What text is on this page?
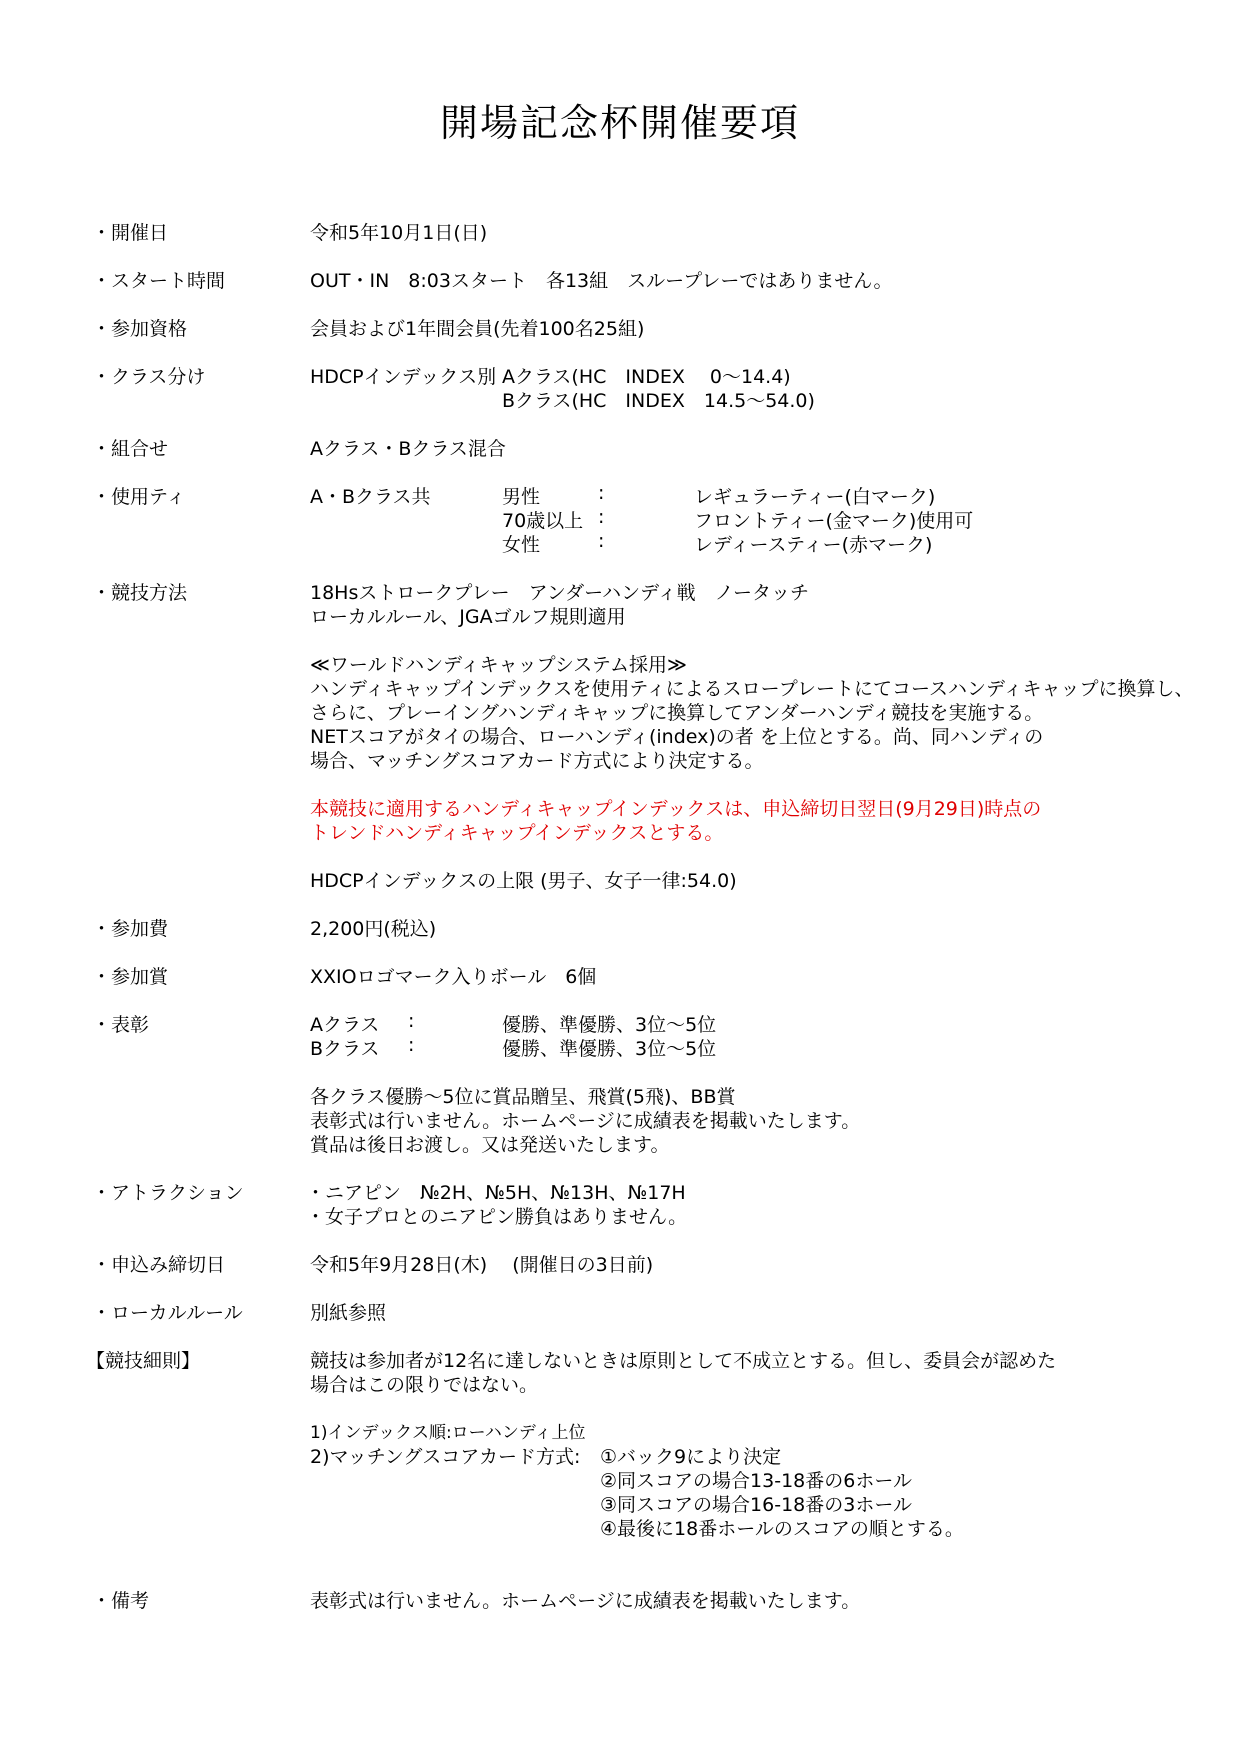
開場記念杯開催要項
・開催日	令和5年10月1日(日)
・スタート時間	OUT・IN　8:03スタート　各13組　スループレーではありません。
・参加資格	会員および1年間会員(先着100名25組)
・クラス分け	HDCPインデックス別 Aクラス(HC　INDEX　 0～14.4)
Bクラス(HC　INDEX　14.5～54.0)
・組合せ	Aクラス・Bクラス混合
・使用ティ	A・Bクラス共	男性	:	レギュラーティー(白マーク)
70歳以上 :	フロントティー(金マーク)使用可
女性	:	レディースティー(赤マーク)
・競技方法	18Hsストロークプレー　アンダーハンディ戦　ノータッチ
ローカルルール、JGAゴルフ規則適用
≪ワールドハンディキャップシステム採用≫
ハンディキャップインデックスを使用ティによるスロープレートにてコースハンディキャップに換算し、
さらに、プレーイングハンディキャップに換算してアンダーハンディ競技を実施する。
NETスコアがタイの場合、ローハンディ(index)の者 を上位とする。尚、同ハンディの
場合、マッチングスコアカード方式により決定する。
本競技に適用するハンディキャップインデックスは、申込締切日翌日(9月29日)時点の
トレンドハンディキャップインデックスとする。
HDCPインデックスの上限 (男子、女子一律:54.0)
・参加費	2,200円(税込)
・参加賞	XXIOロゴマーク入りボール　6個
・表彰	Aクラス :	優勝、準優勝、3位～5位
Bクラス :	優勝、準優勝、3位～5位
各クラス優勝～5位に賞品贈呈、飛賞(5飛)、BB賞
表彰式は行いません。ホームページに成績表を掲載いたします。
賞品は後日お渡し。又は発送いたします。
・アトラクション	・ニアピン　№2H、№5H、№13H、№17H
・女子プロとのニアピン勝負はありません。
・申込み締切日	令和5年9月28日(木)　 (開催日の3日前)
・ローカルルール	別紙参照
【競技細則】	競技は参加者が12名に達しないときは原則として不成立とする。但し、委員会が認めた
場合はこの限りではない。
1)インデックス順:ローハンディ上位
2)マッチングスコアカード方式: ①バック9により決定
②同スコアの場合13-18番の6ホール
③同スコアの場合16-18番の3ホール
④最後に18番ホールのスコアの順とする。
・備考	表彰式は行いません。ホームページに成績表を掲載いたします。
